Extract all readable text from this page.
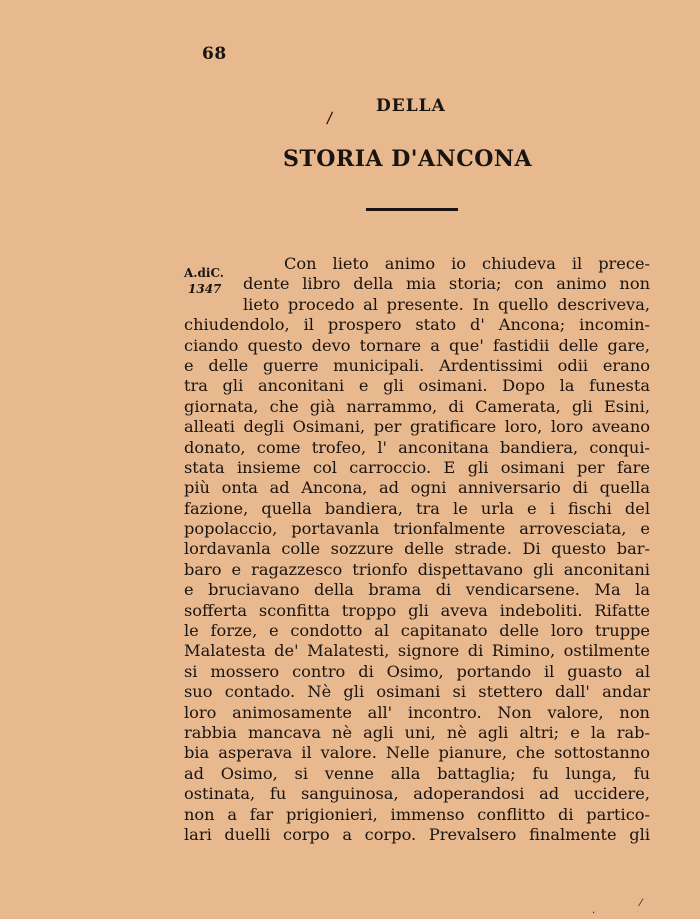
68
/
DELLA
STORIA D'ANCONA
A.diC.
1347
Con lieto animo io chiudeva il prece-
dente libro della mia storia; con animo non
lieto procedo al presente. In quello descriveva,
chiudendolo, il prospero stato d' Ancona; incomin-
ciando questo devo tornare a que' fastidii delle gare,
e delle guerre municipali. Ardentissimi odii erano
tra gli anconitani e gli osimani. Dopo la funesta
giornata, che già narrammo, di Camerata, gli Esini,
alleati degli Osimani, per gratificare loro, loro aveano
donato, come trofeo, l' anconitana bandiera, conqui-
stata insieme col carroccio. E gli osimani per fare
più onta ad Ancona, ad ogni anniversario di quella
fazione, quella bandiera, tra le urla e i fischi del
popolaccio, portavanla trionfalmente arrovesciata, e
lordavanla colle sozzure delle strade. Di questo bar-
baro e ragazzesco trionfo dispettavano gli anconitani
e bruciavano della brama di vendicarsene. Ma la
sofferta sconfitta troppo gli aveva indeboliti. Rifatte
le forze, e condotto al capitanato delle loro truppe
Malatesta de' Malatesti, signore di Rimino, ostilmente
si mossero contro di Osimo, portando il guasto al
suo contado. Nè gli osimani si stettero dall' andar
loro animosamente all' incontro. Non valore, non
rabbia mancava nè agli uni, nè agli altri; e la rab-
bia asperava il valore. Nelle pianure, che sottostanno
ad Osimo, si venne alla battaglia; fu lunga, fu
ostinata, fu sanguinosa, adoperandosi ad uccidere,
non a far prigionieri, immenso conflitto di partico-
lari duelli corpo a corpo. Prevalsero finalmente gli
⁄
·
